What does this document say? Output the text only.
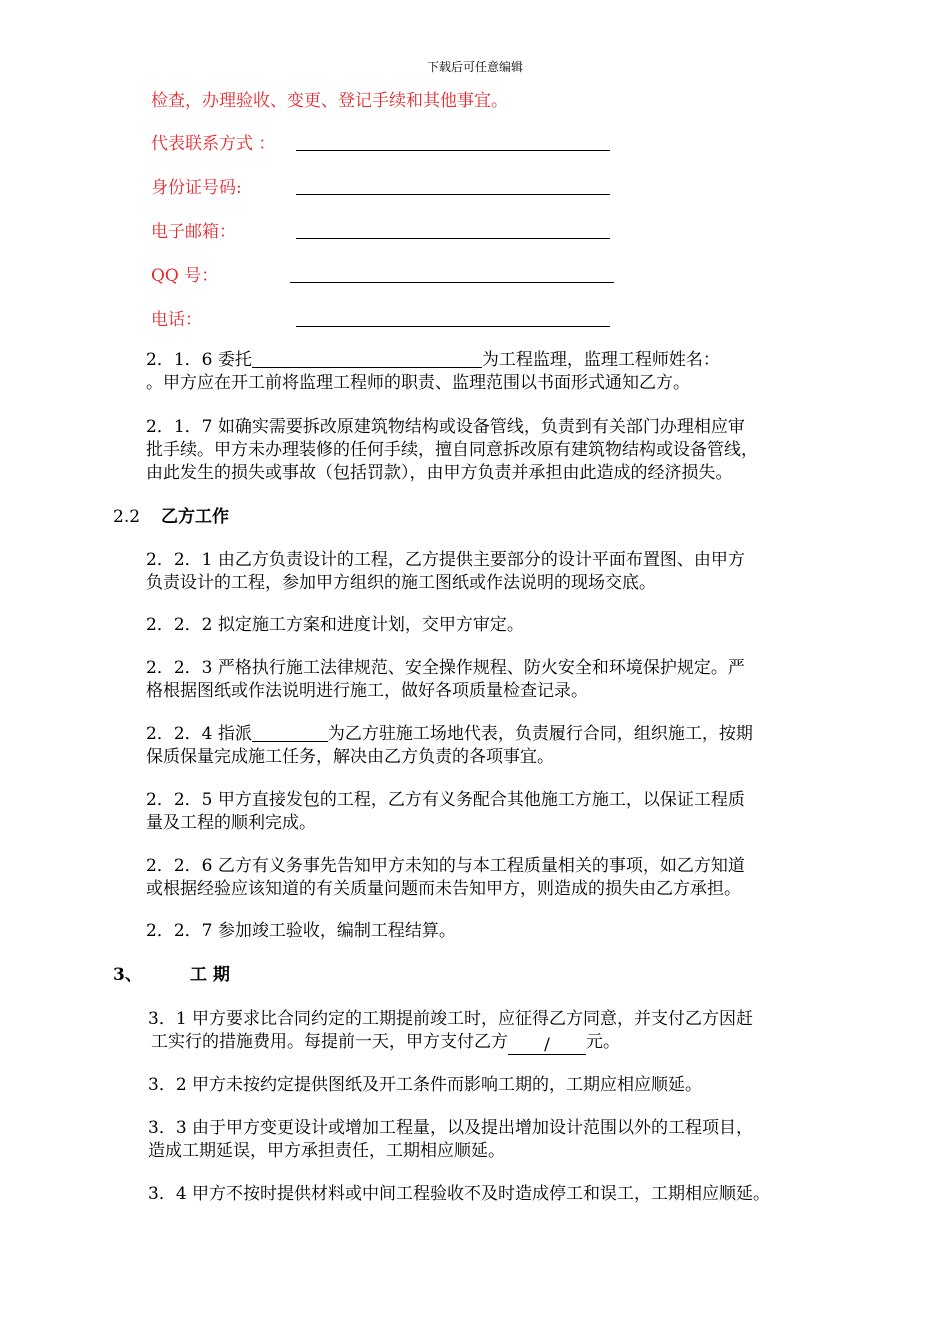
下载后可任意编辑
检查，办理验收、变更、登记手续和其他事宜。
代表联系方式 ：
身份证号码:
电子邮箱：
QQ 号：
电话：
2．1．6 委托	为工程监理，监理工程师姓名：
。甲方应在开工前将监理工程师的职责、监理范围以书面形式通知乙方。
2．1．7 如确实需要拆改原建筑物结构或设备管线，负责到有关部门办理相应审
批手续。甲方未办理装修的任何手续，擅自同意拆改原有建筑物结构或设备管线，
由此发生的损失或事故（包括罚款），由甲方负责并承担由此造成的经济损失。
2.2 乙方工作
2．2．1 由乙方负责设计的工程，乙方提供主要部分的设计平面布置图、由甲方
负责设计的工程，参加甲方组织的施工图纸或作法说明的现场交底。
2．2．2 拟定施工方案和进度计划，交甲方审定。
2．2．3 严格执行施工法律规范、安全操作规程、防火安全和环境保护规定。严
格根据图纸或作法说明进行施工，做好各项质量检查记录。
2．2．4 指派	为乙方驻施工场地代表，负责履行合同，组织施工，按期
保质保量完成施工任务，解决由乙方负责的各项事宜。
2．2．5 甲方直接发包的工程，乙方有义务配合其他施工方施工，以保证工程质
量及工程的顺利完成。
2．2．6 乙方有义务事先告知甲方未知的与本工程质量相关的事项，如乙方知道
或根据经验应该知道的有关质量问题而未告知甲方，则造成的损失由乙方承担。
2．2．7 参加竣工验收，编制工程结算。
3、	工 期
3．1 甲方要求比合同约定的工期提前竣工时，应征得乙方同意，并支付乙方因赶
工实行的措施费用。每提前一天，甲方支付乙方 / 元。
3．2 甲方未按约定提供图纸及开工条件而影响工期的，工期应相应顺延。
3．3 由于甲方变更设计或增加工程量，以及提出增加设计范围以外的工程项目，
造成工期延误，甲方承担责任，工期相应顺延。
3．4 甲方不按时提供材料或中间工程验收不及时造成停工和误工，工期相应顺延。
